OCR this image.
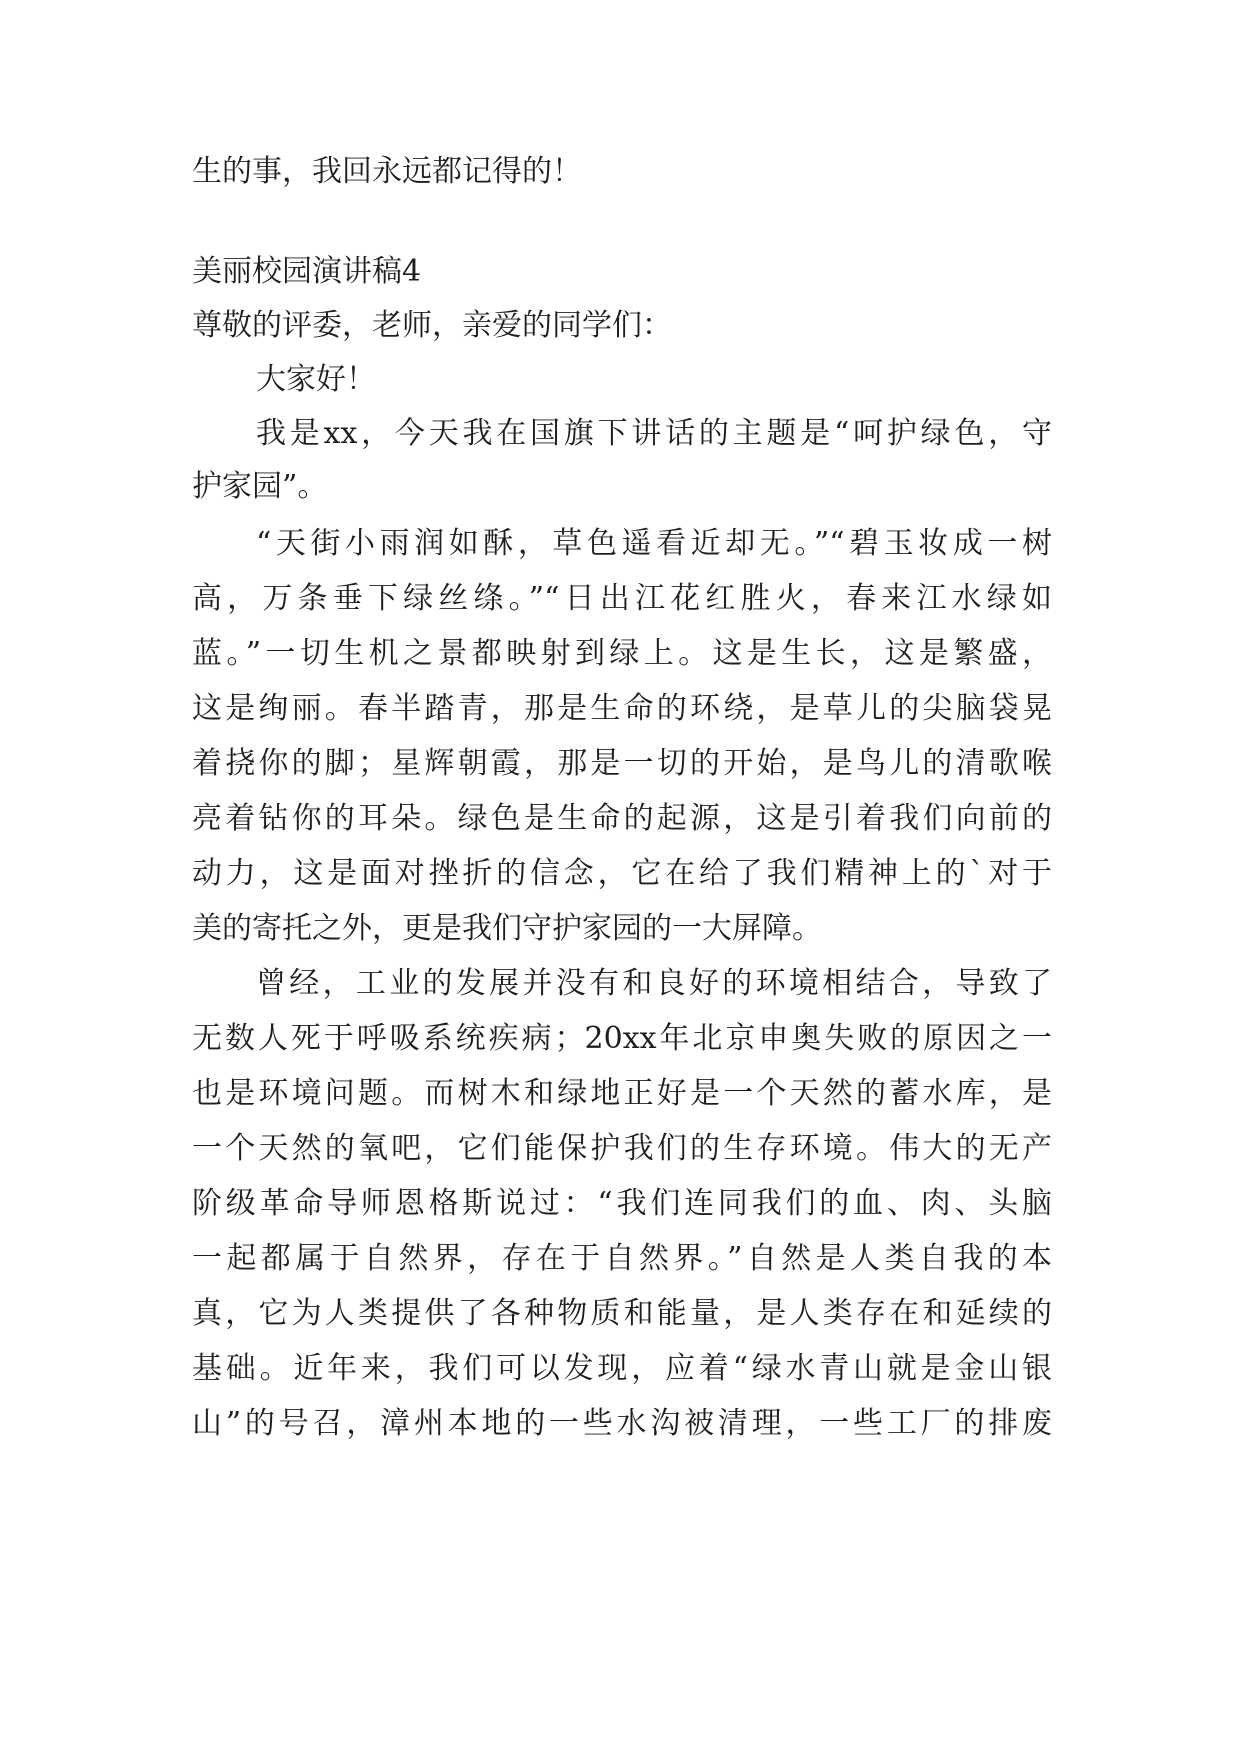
生的事，我回永远都记得的！
美丽校园演讲稿4
尊敬的评委，老师，亲爱的同学们：
大家好！
我是xx，今天我在国旗下讲话的主题是“呵护绿色，守
护家园”。
“天街小雨润如酥，草色遥看近却无。”“碧玉妆成一树
高，万条垂下绿丝绦。”“日出江花红胜火，春来江水绿如
蓝。”一切生机之景都映射到绿上。这是生长，这是繁盛，
这是绚丽。春半踏青，那是生命的环绕，是草儿的尖脑袋晃
着挠你的脚；星辉朝霞，那是一切的开始，是鸟儿的清歌喉
亮着钻你的耳朵。绿色是生命的起源，这是引着我们向前的
动力，这是面对挫折的信念，它在给了我们精神上的`对于
美的寄托之外，更是我们守护家园的一大屏障。
曾经，工业的发展并没有和良好的环境相结合，导致了
无数人死于呼吸系统疾病；20xx年北京申奥失败的原因之一
也是环境问题。而树木和绿地正好是一个天然的蓄水库，是
一个天然的氧吧，它们能保护我们的生存环境。伟大的无产
阶级革命导师恩格斯说过：“我们连同我们的血、肉、头脑
一起都属于自然界，存在于自然界。”自然是人类自我的本
真，它为人类提供了各种物质和能量，是人类存在和延续的
基础。近年来，我们可以发现，应着“绿水青山就是金山银
山”的号召，漳州本地的一些水沟被清理，一些工厂的排废
